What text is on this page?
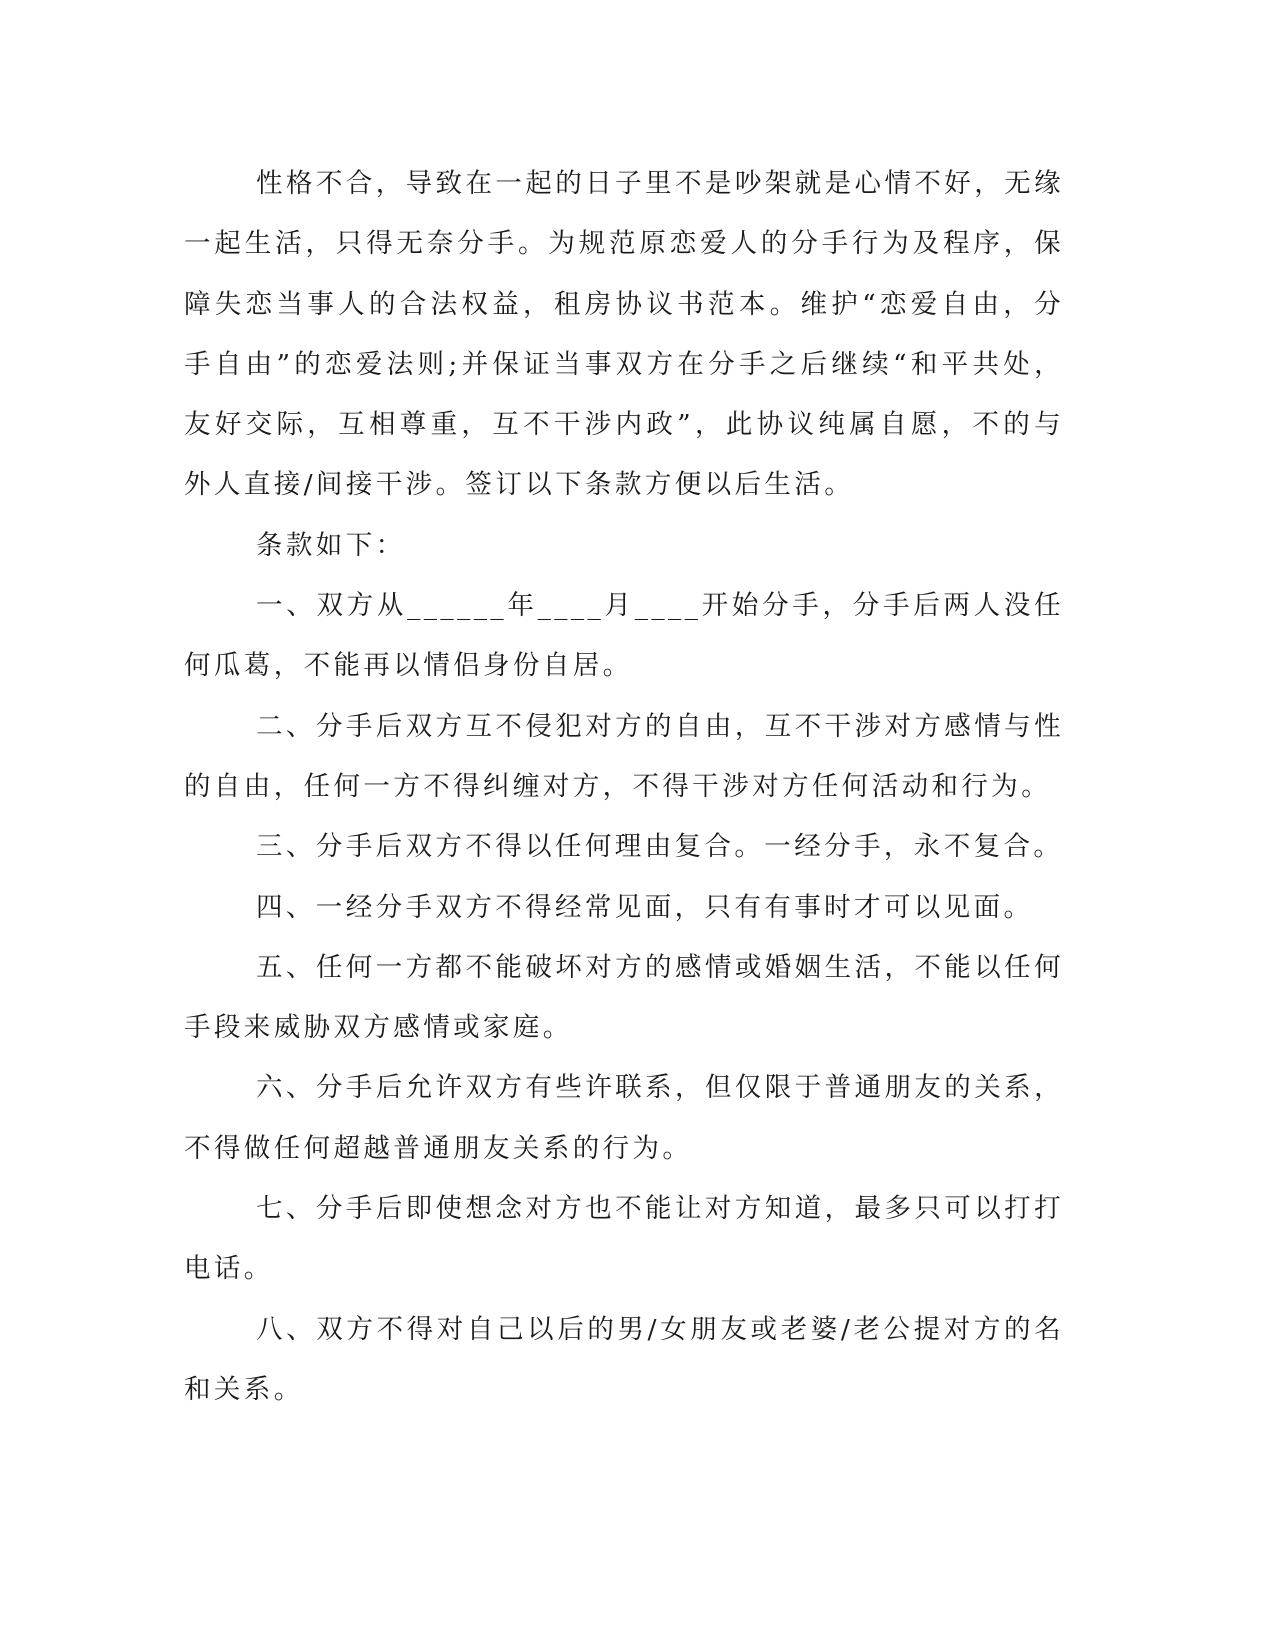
性格不合，导致在一起的日子里不是吵架就是心情不好，无缘一起生活，只得无奈分手。为规范原恋爱人的分手行为及程序，保障失恋当事人的合法权益，租房协议书范本。维护“恋爱自由，分手自由”的恋爱法则;并保证当事双方在分手之后继续“和平共处，友好交际，互相尊重，互不干涉内政”，此协议纯属自愿，不的与外人直接/间接干涉。签订以下条款方便以后生活。

条款如下：

一、双方从______年____月____开始分手，分手后两人没任何瓜葛，不能再以情侣身份自居。

二、分手后双方互不侵犯对方的自由，互不干涉对方感情与性的自由，任何一方不得纠缠对方，不得干涉对方任何活动和行为。

三、分手后双方不得以任何理由复合。一经分手，永不复合。

四、一经分手双方不得经常见面，只有有事时才可以见面。

五、任何一方都不能破坏对方的感情或婚姻生活，不能以任何手段来威胁双方感情或家庭。

六、分手后允许双方有些许联系，但仅限于普通朋友的关系，不得做任何超越普通朋友关系的行为。

七、分手后即使想念对方也不能让对方知道，最多只可以打打电话。

八、双方不得对自己以后的男/女朋友或老婆/老公提对方的名和关系。
